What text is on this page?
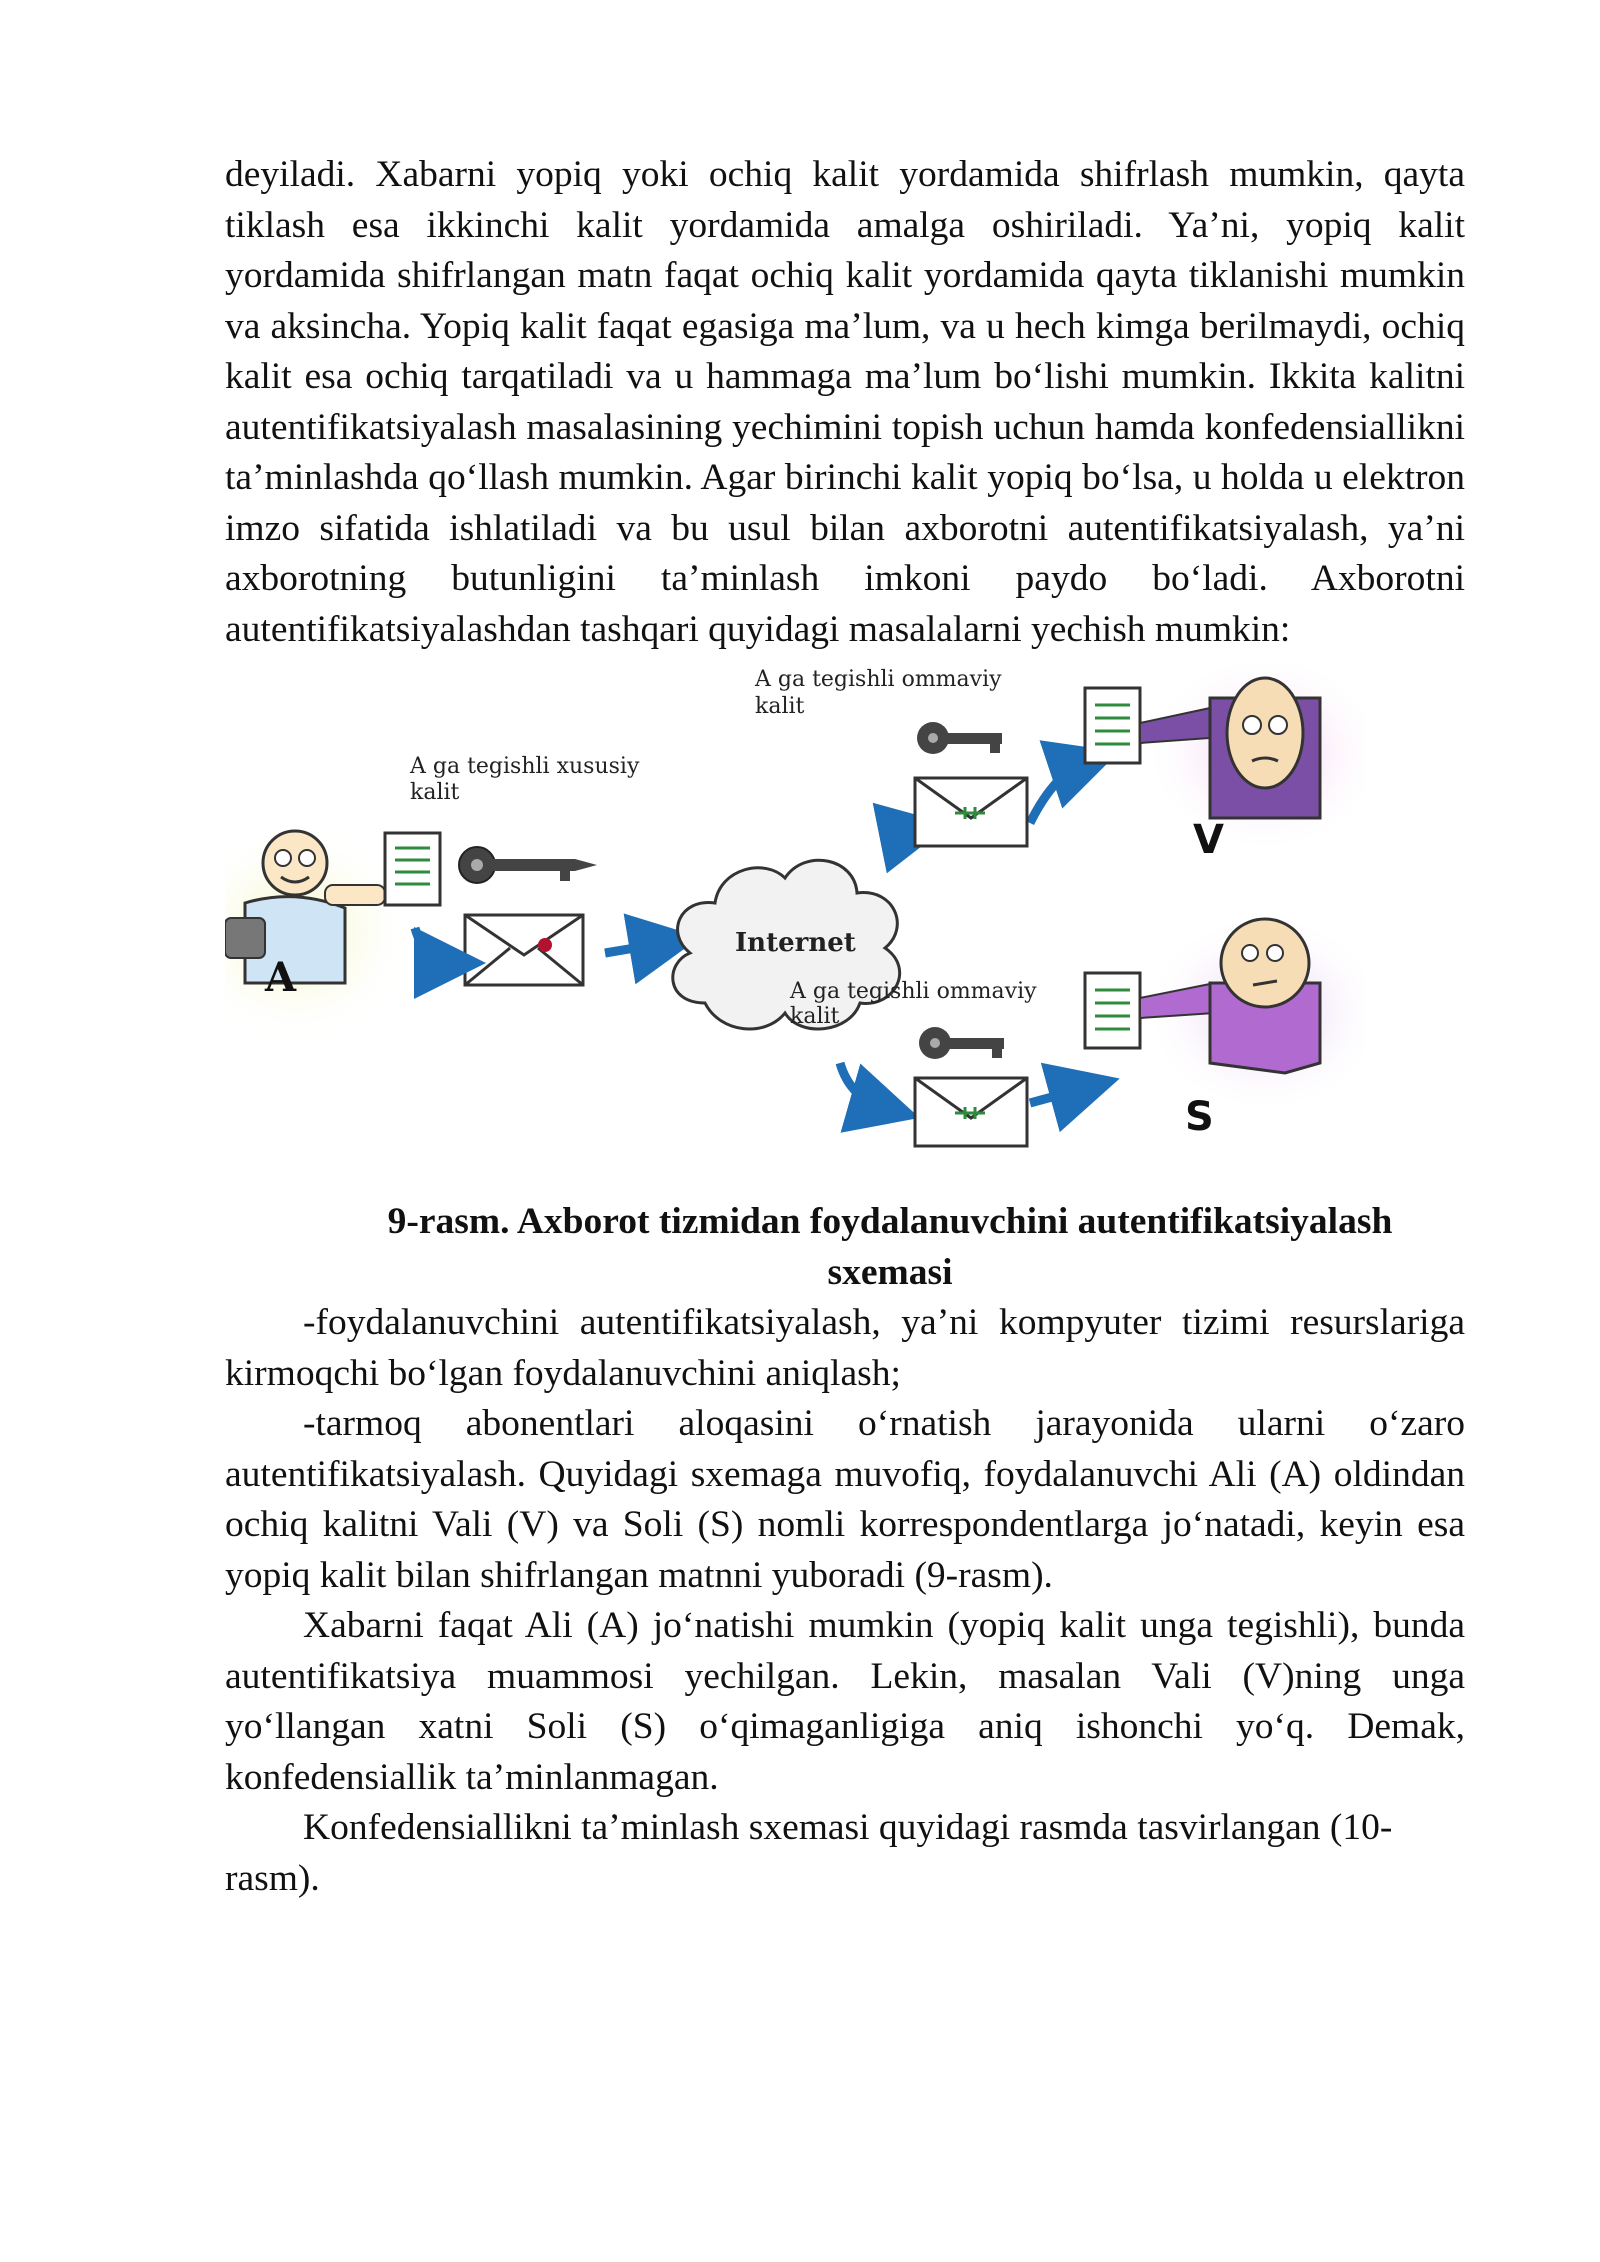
deyiladi. Xabarni yopiq yoki ochiq kalit yordamida shifrlash mumkin, qayta tiklash esa ikkinchi kalit yordamida amalga oshiriladi. Ya’ni, yopiq kalit yordamida shifrlangan matn faqat ochiq kalit yordamida qayta tiklanishi mumkin va aksincha. Yopiq kalit faqat egasiga ma’lum, va u hech kimga berilmaydi, ochiq kalit esa ochiq tarqatiladi va u hammaga ma’lum bo‘lishi mumkin. Ikkita kalitni autentifikatsiyalash masalasining yechimini topish uchun hamda konfedensiallikni ta’minlashda qo‘llash mumkin. Agar birinchi kalit yopiq bo‘lsa, u holda u elektron imzo sifatida ishlatiladi va bu usul bilan axborotni autentifikatsiyalash, ya’ni axborotning butunligini ta’minlash imkoni paydo bo‘ladi. Axborotni autentifikatsiyalashdan tashqari quyidagi masalalarni yechish mumkin:

A
A ga tegishli xususiy
kalit
Internet
A ga tegishli ommaviy
kalit
V
A ga tegishli ommaviy
kalit
S
9-rasm. Axborot tizmidan foydalanuvchini autentifikatsiyalash
sxemasi

-foydalanuvchini autentifikatsiyalash, ya’ni kompyuter tizimi resurslariga kirmoqchi bo‘lgan foydalanuvchini aniqlash;

-tarmoq abonentlari aloqasini o‘rnatish jarayonida ularni o‘zaro autentifikatsiyalash. Quyidagi sxemaga muvofiq, foydalanuvchi Ali (A) oldindan ochiq kalitni Vali (V) va Soli (S) nomli korrespondentlarga jo‘natadi, keyin esa yopiq kalit bilan shifrlangan matnni yuboradi (9-rasm).

Xabarni faqat Ali (A) jo‘natishi mumkin (yopiq kalit unga tegishli), bunda autentifikatsiya muammosi yechilgan. Lekin, masalan Vali (V)ning unga yo‘llangan xatni Soli (S) o‘qimaganligiga aniq ishonchi yo‘q. Demak, konfedensiallik ta’minlanmagan.

Konfedensiallikni ta’minlash sxemasi quyidagi rasmda tasvirlangan (10-rasm).
